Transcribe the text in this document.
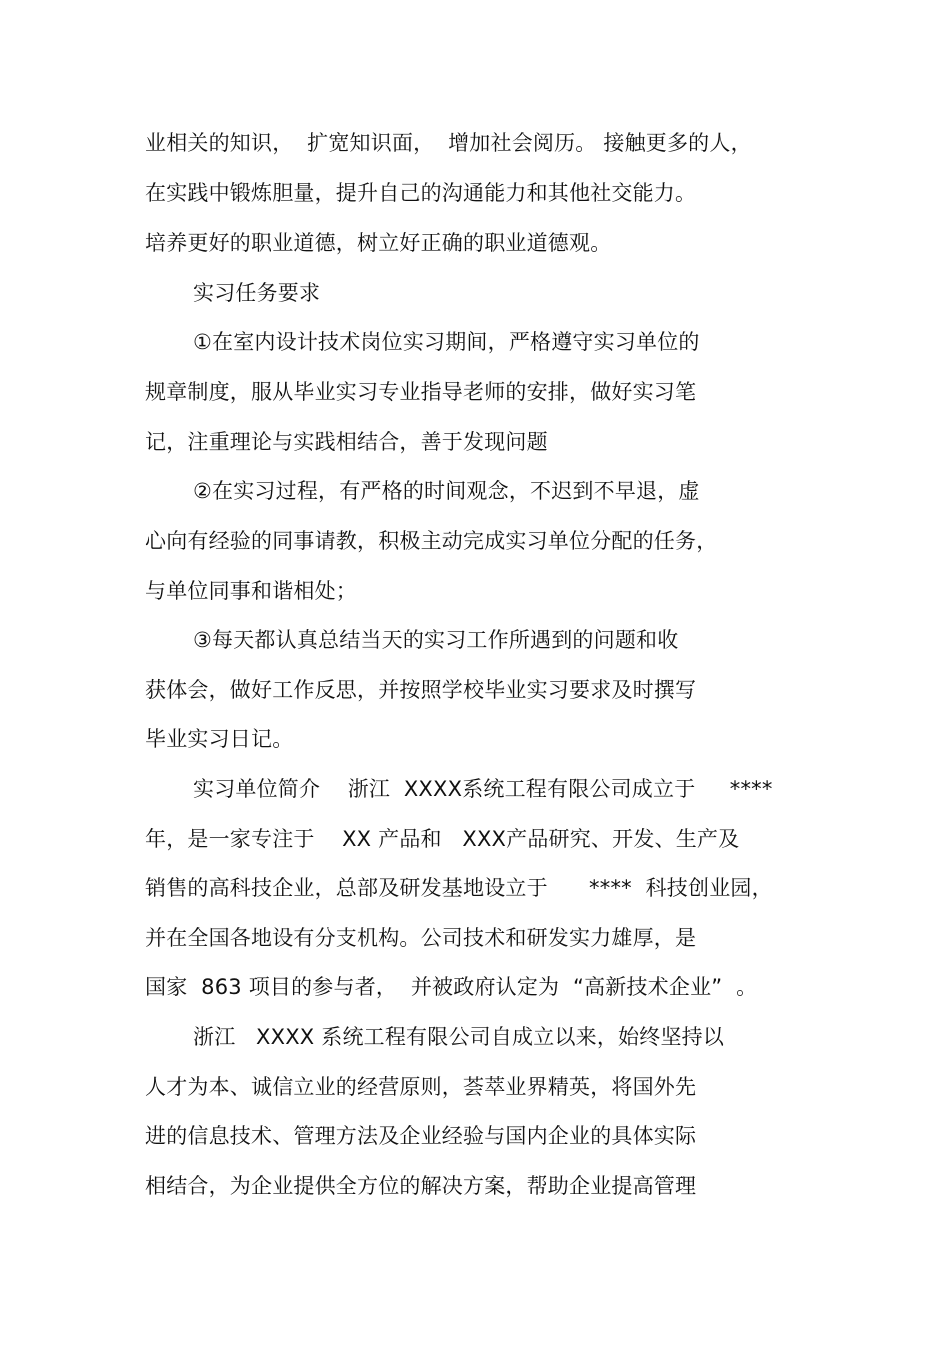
业相关的知识，  扩宽知识面，  增加社会阅历。 接触更多的人，

在实践中锻炼胆量，提升自己的沟通能力和其他社交能力。

培养更好的职业道德，树立好正确的职业道德观。

实习任务要求

①在室内设计技术岗位实习期间，严格遵守实习单位的

规章制度，服从毕业实习专业指导老师的安排，做好实习笔

记，注重理论与实践相结合，善于发现问题

②在实习过程，有严格的时间观念，不迟到不早退，虚

心向有经验的同事请教，积极主动完成实习单位分配的任务，

与单位同事和谐相处；

③每天都认真总结当天的实习工作所遇到的问题和收

获体会，做好工作反思，并按照学校毕业实习要求及时撰写

毕业实习日记。

实习单位简介    浙江  XXXX系统工程有限公司成立于     ****

年，是一家专注于    XX 产品和   XXX产品研究、开发、生产及

销售的高科技企业，总部及研发基地设立于      ****  科技创业园，

并在全国各地设有分支机构。公司技术和研发实力雄厚，是

国家  863 项目的参与者，  并被政府认定为  “高新技术企业”  。

浙江   XXXX 系统工程有限公司自成立以来，始终坚持以

人才为本、诚信立业的经营原则，荟萃业界精英，将国外先

进的信息技术、管理方法及企业经验与国内企业的具体实际

相结合，为企业提供全方位的解决方案，帮助企业提高管理
